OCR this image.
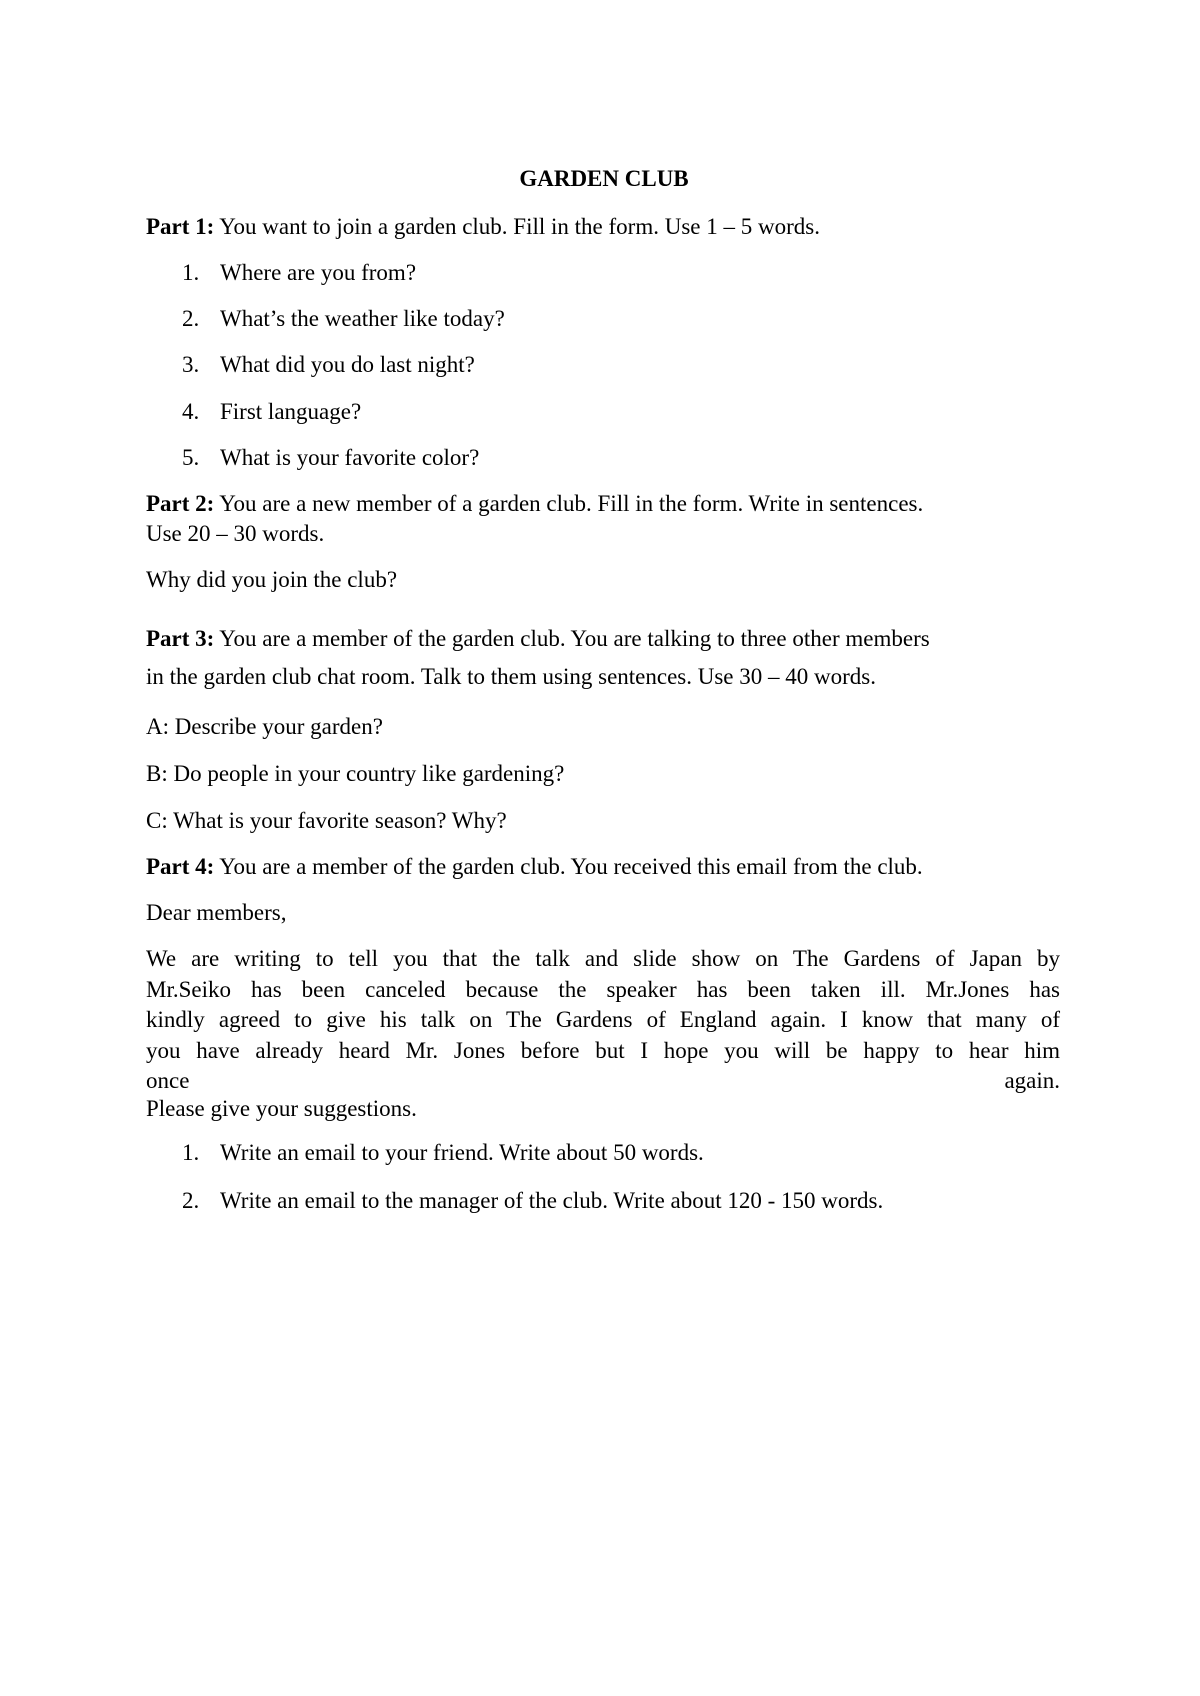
GARDEN CLUB

Part 1: You want to join a garden club. Fill in the form. Use 1 – 5 words.

1. Where are you from?
2. What’s the weather like today?
3. What did you do last night?
4. First language?
5. What is your favorite color?

Part 2: You are a new member of a garden club. Fill in the form. Write in sentences.
Use 20 – 30 words.

Why did you join the club?

Part 3: You are a member of the garden club. You are talking to three other members
in the garden club chat room. Talk to them using sentences. Use 30 – 40 words.

A: Describe your garden?

B: Do people in your country like gardening?

C: What is your favorite season? Why?

Part 4: You are a member of the garden club. You received this email from the club.

Dear members,

We are writing to tell you that the talk and slide show on The Gardens of Japan by

Mr.Seiko has been canceled because the speaker has been taken ill. Mr.Jones has

kindly agreed to give his talk on The Gardens of England again. I know that many of

you have already heard Mr. Jones before but I hope you will be happy to hear him

once	again.

Please give your suggestions.

1. Write an email to your friend. Write about 50 words.
2. Write an email to the manager of the club. Write about 120 - 150 words.
